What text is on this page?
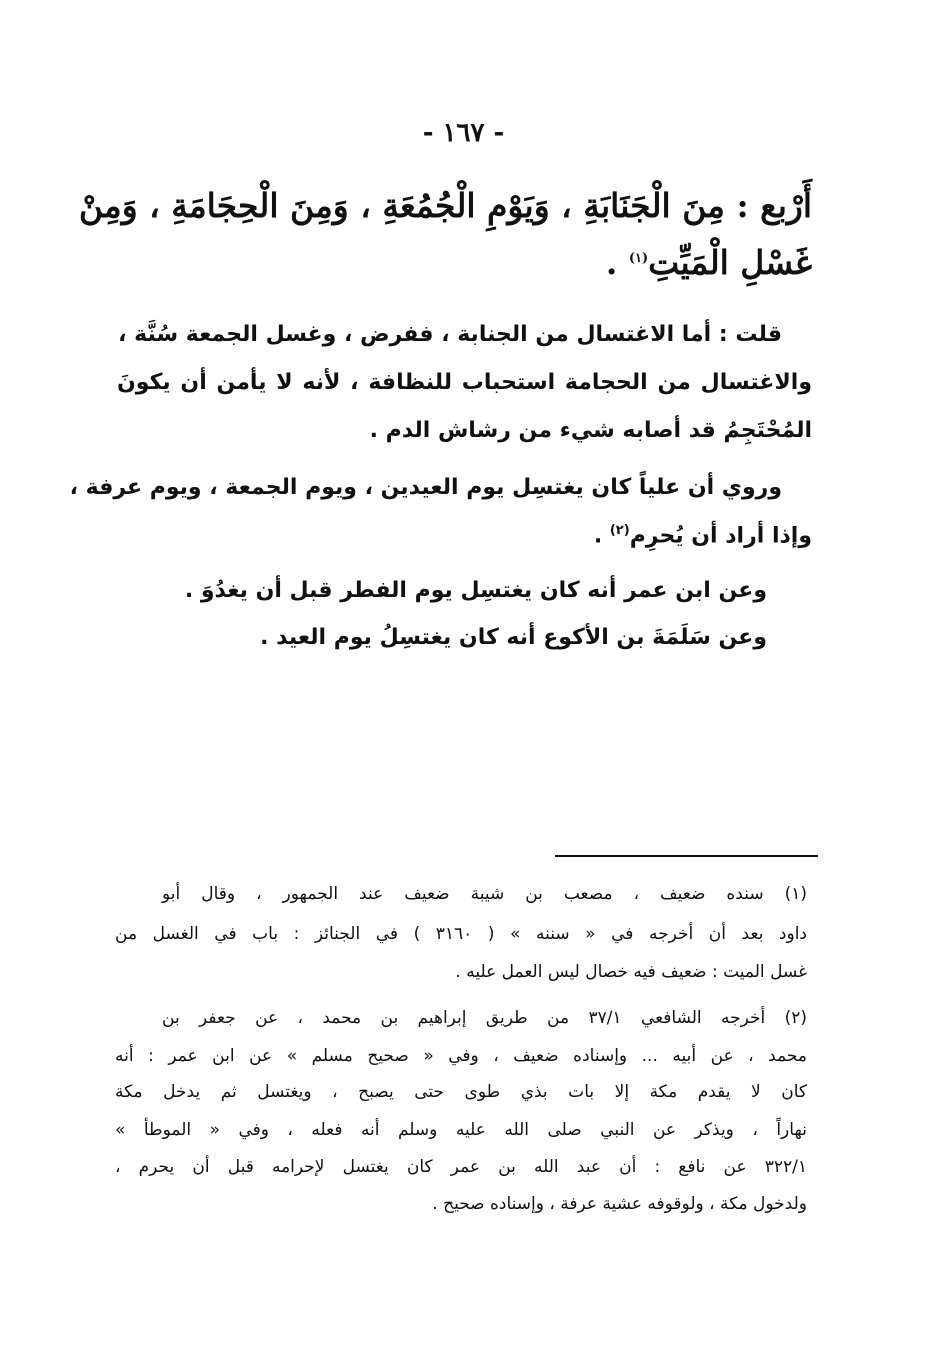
- ١٦٧ -
أَرْبع : مِنَ الْجَنَابَةِ ، وَيَوْمِ الْجُمُعَةِ ، وَمِنَ الْحِجَامَةِ ، وَمِنْ
غَسْلِ الْمَيِّتِ$^{(١)}$ .
قلت : أما الاغتسال من الجنابة ، ففرض ، وغسل الجمعة سُنَّة ،
والاغتسال من الحجامة استحباب للنظافة ، لأنه لا يأمن أن يكونَ
المُحْتَجِمُ قد أصابه شيء من رشاش الدم .
وروي أن علياً كان يغتسِل يوم العيدين ، ويوم الجمعة ، ويوم عرفة ،
وإذا أراد أن يُحرِم$^{(٢)}$ .
وعن ابن عمر أنه كان يغتسِل يوم الفطر قبل أن يغدُوَ .
وعن سَلَمَةَ بن الأكوع أنه كان يغتسِلُ يوم العيد .
(١) سنده ضعيف ، مصعب بن شيبة ضعيف عند الجمهور ، وقال أبو
داود بعد أن أخرجه في « سننه » ( ٣١٦٠ ) في الجنائز : باب في الغسل من
غسل الميت : ضعيف فيه خصال ليس العمل عليه .
(٢) أخرجه الشافعي ٣٧/١ من طريق إبراهيم بن محمد ، عن جعفر بن
محمد ، عن أبيه ... وإسناده ضعيف ، وفي « صحيح مسلم » عن ابن عمر : أنه
كان لا يقدم مكة إلا بات بذي طوى حتى يصبح ، ويغتسل ثم يدخل مكة
نهاراً ، ويذكر عن النبي صلى الله عليه وسلم أنه فعله ، وفي « الموطأ »
٣٢٢/١ عن نافع : أن عبد الله بن عمر كان يغتسل لإحرامه قبل أن يحرم ،
ولدخول مكة ، ولوقوفه عشية عرفة ، وإسناده صحيح .
